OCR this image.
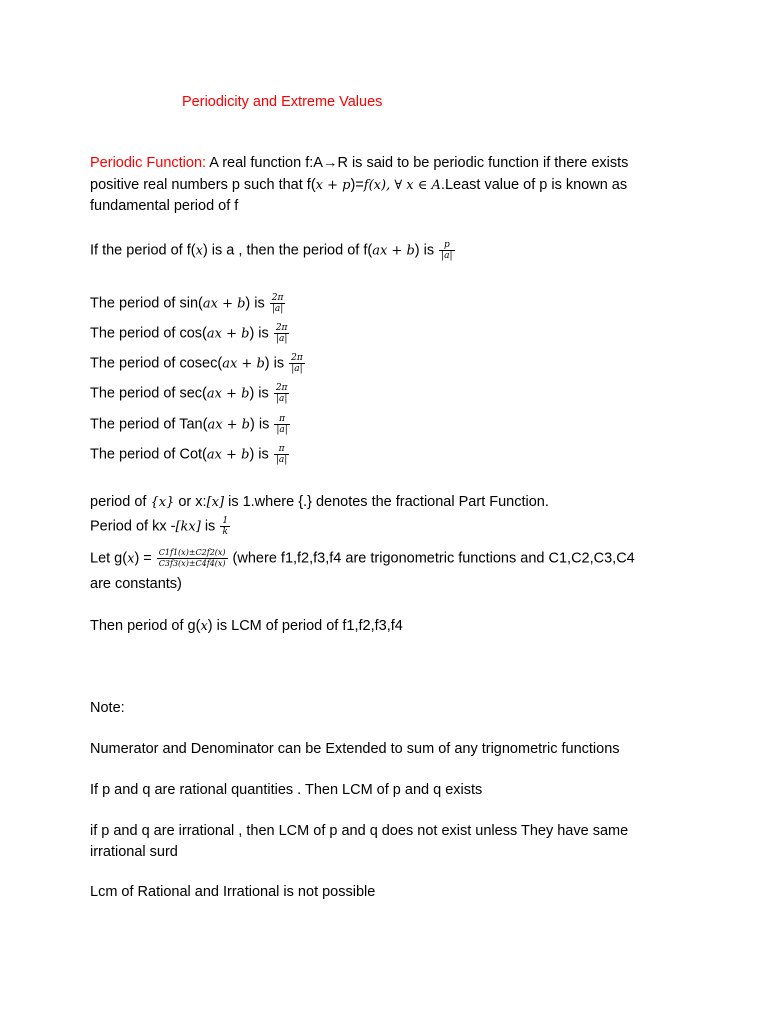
Periodicity and Extreme Values
Periodic Function: A real function f:A→R is said to be periodic function if there exists
positive real numbers p such that f(x + p)=f(x), ∀ x ∈ A.Least value of p is known as
fundamental period of f
If the period of f(x) is a , then the period of f(ax + b) is $\frac{p}{|a|}$
The period of sin(ax + b) is $\frac{2\pi}{|a|}$
The period of cos(ax + b) is $\frac{2\pi}{|a|}$
The period of cosec(ax + b) is $\frac{2\pi}{|a|}$
The period of sec(ax + b) is $\frac{2\pi}{|a|}$
The period of Tan(ax + b) is $\frac{\pi}{|a|}$
The period of Cot(ax + b) is $\frac{\pi}{|a|}$
period of {x} or x:[x] is 1.where {.} denotes the fractional Part Function.
Period of kx -[kx] is $\frac{1}{k}$
Let $g(x) = \frac{C1f1(x)\pm C2f2(x)}{C3f3(x)\pm C4f4(x)}$ (where f1,f2,f3,f4 are trigonometric functions and C1,C2,C3,C4
are constants)
Then period of g(x) is LCM of period of f1,f2,f3,f4
Note:
Numerator and Denominator can be Extended to sum of any trignometric functions
If p and q are rational quantities . Then LCM of p and q exists
if p and q are irrational , then LCM of p and q does not exist unless They have same
irrational surd
Lcm of Rational and Irrational is not possible
